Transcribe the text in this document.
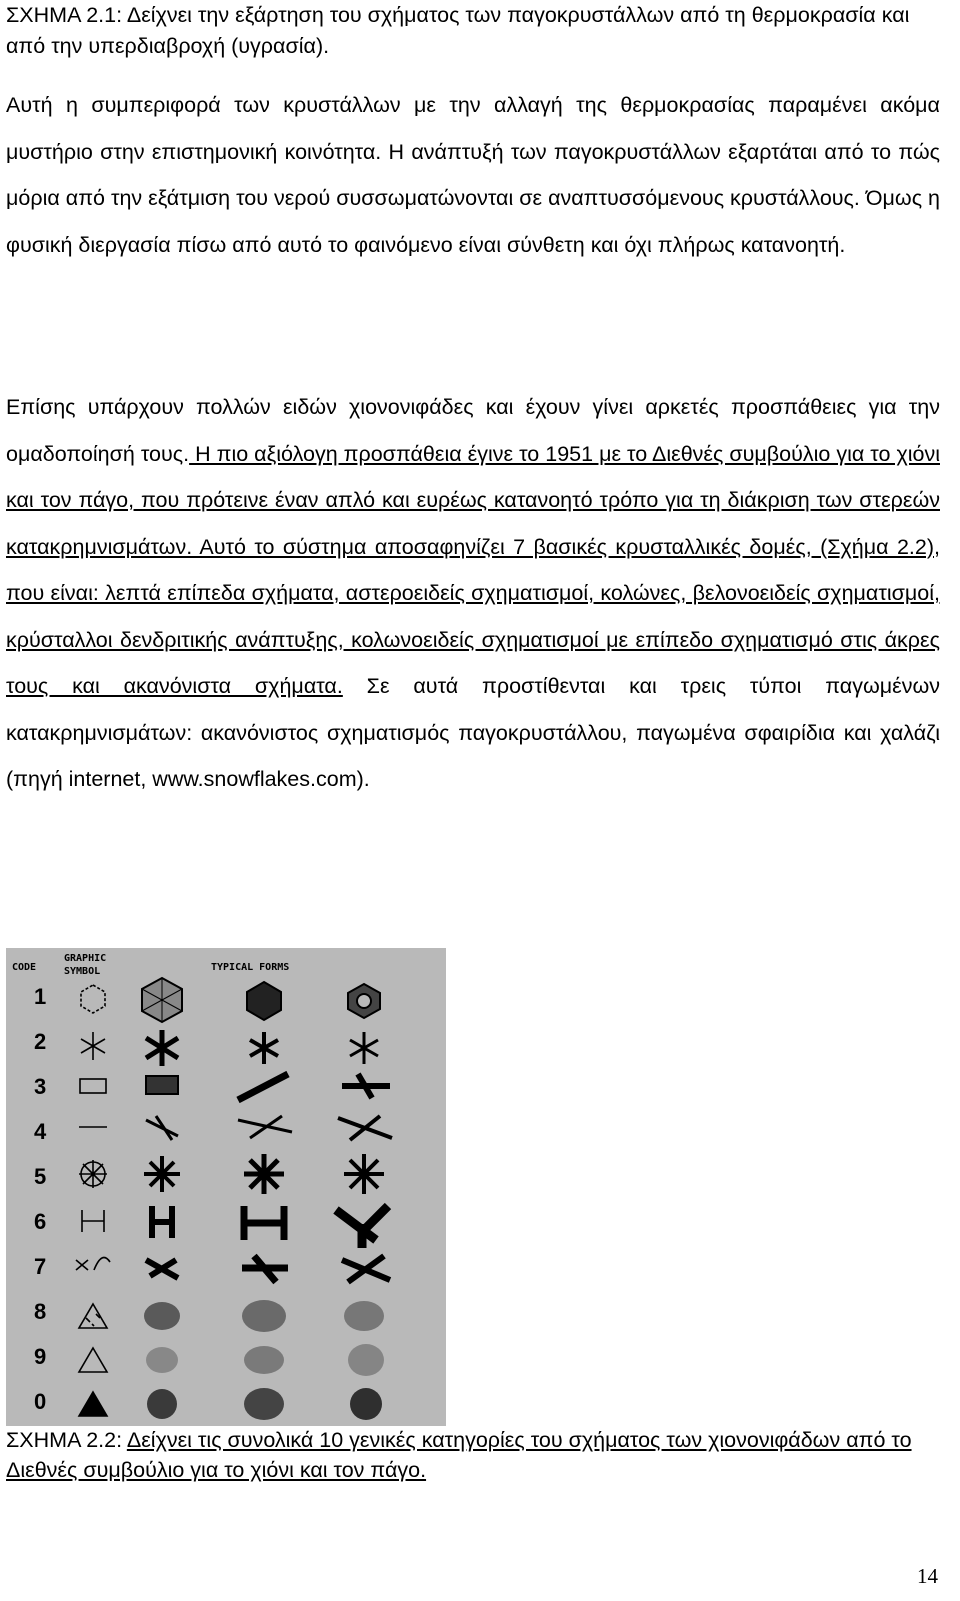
ΣΧΗΜΑ 2.1: Δείχνει την εξάρτηση του σχήματος των παγοκρυστάλλων από τη θερμοκρασία και από την υπερδιαβροχή (υγρασία).

Αυτή η συμπεριφορά των κρυστάλλων με την αλλαγή της θερμοκρασίας παραμένει ακόμα μυστήριο στην επιστημονική κοινότητα. Η ανάπτυξή των παγοκρυστάλλων εξαρτάται από το πώς μόρια από την εξάτμιση του νερού συσσωματώνονται σε αναπτυσσόμενους κρυστάλλους. Όμως η φυσική διεργασία πίσω από αυτό το φαινόμενο είναι σύνθετη και όχι πλήρως κατανοητή.

Επίσης υπάρχουν πολλών ειδών χιονονιφάδες και έχουν γίνει αρκετές προσπάθειες για την ομαδοποίησή τους. Η πιο αξιόλογη προσπάθεια έγινε το 1951 με το Διεθνές συμβούλιο για το χιόνι και τον πάγο, που πρότεινε έναν απλό και ευρέως κατανοητό τρόπο για τη διάκριση των στερεών κατακρημνισμάτων. Αυτό το σύστημα αποσαφηνίζει 7 βασικές κρυσταλλικές δομές, (Σχήμα 2.2), που είναι: λεπτά επίπεδα σχήματα, αστεροειδείς σχηματισμοί, κολώνες, βελονοειδείς σχηματισμοί, κρύσταλλοι δενδριτικής ανάπτυξης, κολωνοειδείς σχηματισμοί με επίπεδο σχηματισμό στις άκρες τους και ακανόνιστα σχήματα. Σε αυτά προστίθενται και τρεις τύποι παγωμένων κατακρημνισμάτων: ακανόνιστος σχηματισμός παγοκρυστάλλου, παγωμένα σφαιρίδια και χαλάζι (πηγή internet, www.snowflakes.com).

CODE
GRAPHIC
SYMBOL	TYPICAL FORMS
1
2
3
4
5
6
7
8
9
0
ΣΧΗΜΑ 2.2: Δείχνει τις συνολικά 10 γενικές κατηγορίες του σχήματος των χιονονιφάδων από το Διεθνές συμβούλιο για το χιόνι και τον πάγο.
14
